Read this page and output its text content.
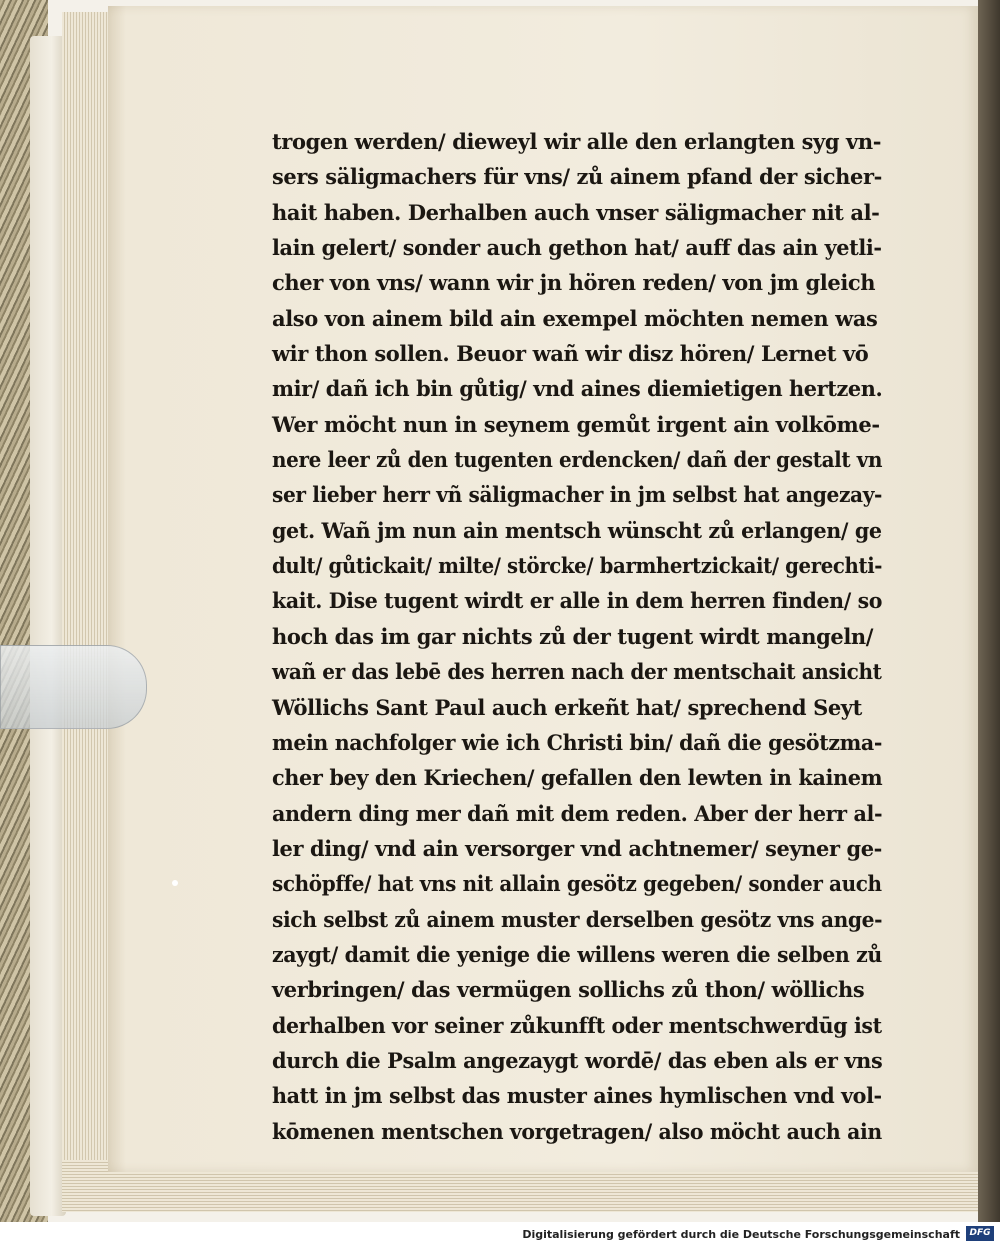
trogen werden/ dieweyl wir alle den erlangten syg vn-

sers säligmachers für vns/ zů ainem pfand der sicher-

hait haben. Derhalben auch vnser säligmacher nit al-

lain gelert/ sonder auch gethon hat/ auff das ain yetli-

cher von vns/ wann wir jn hören reden/ von jm gleich

also von ainem bild ain exempel möchten nemen was

wir thon sollen. Beuor wañ wir disz hören/ Lernet vō

mir/ dañ ich bin gůtig/ vnd aines diemietigen hertzen.

Wer möcht nun in seynem gemůt irgent ain volkōme-

nere leer zů den tugenten erdencken/ dañ der gestalt vn

ser lieber herr vñ säligmacher in jm selbst hat angezay-

get. Wañ jm nun ain mentsch wünscht zů erlangen/ ge

dult/ gůtickait/ milte/ störcke/ barmhertzickait/ gerechti-

kait. Dise tugent wirdt er alle in dem herren finden/ so

hoch das im gar nichts zů der tugent wirdt mangeln/

wañ er das lebē des herren nach der mentschait ansicht

Wöllichs Sant Paul auch erkeñt hat/ sprechend Seyt

mein nachfolger wie ich Christi bin/ dañ die gesötzma-

cher bey den Kriechen/ gefallen den lewten in kainem

andern ding mer dañ mit dem reden. Aber der herr al-

ler ding/ vnd ain versorger vnd achtnemer/ seyner ge-

schöpffe/ hat vns nit allain gesötz gegeben/ sonder auch

sich selbst zů ainem muster derselben gesötz vns ange-

zaygt/ damit die yenige die willens weren die selben zů

verbringen/ das vermügen sollichs zů thon/ wöllichs

derhalben vor seiner zůkunfft oder mentschwerdūg ist

durch die Psalm angezaygt wordē/ das eben als er vns

hatt in jm selbst das muster aines hymlischen vnd vol-

kōmenen mentschen vorgetragen/ also möcht auch ain

Digitalisierung gefördert durch die Deutsche Forschungsgemeinschaft	DFG
